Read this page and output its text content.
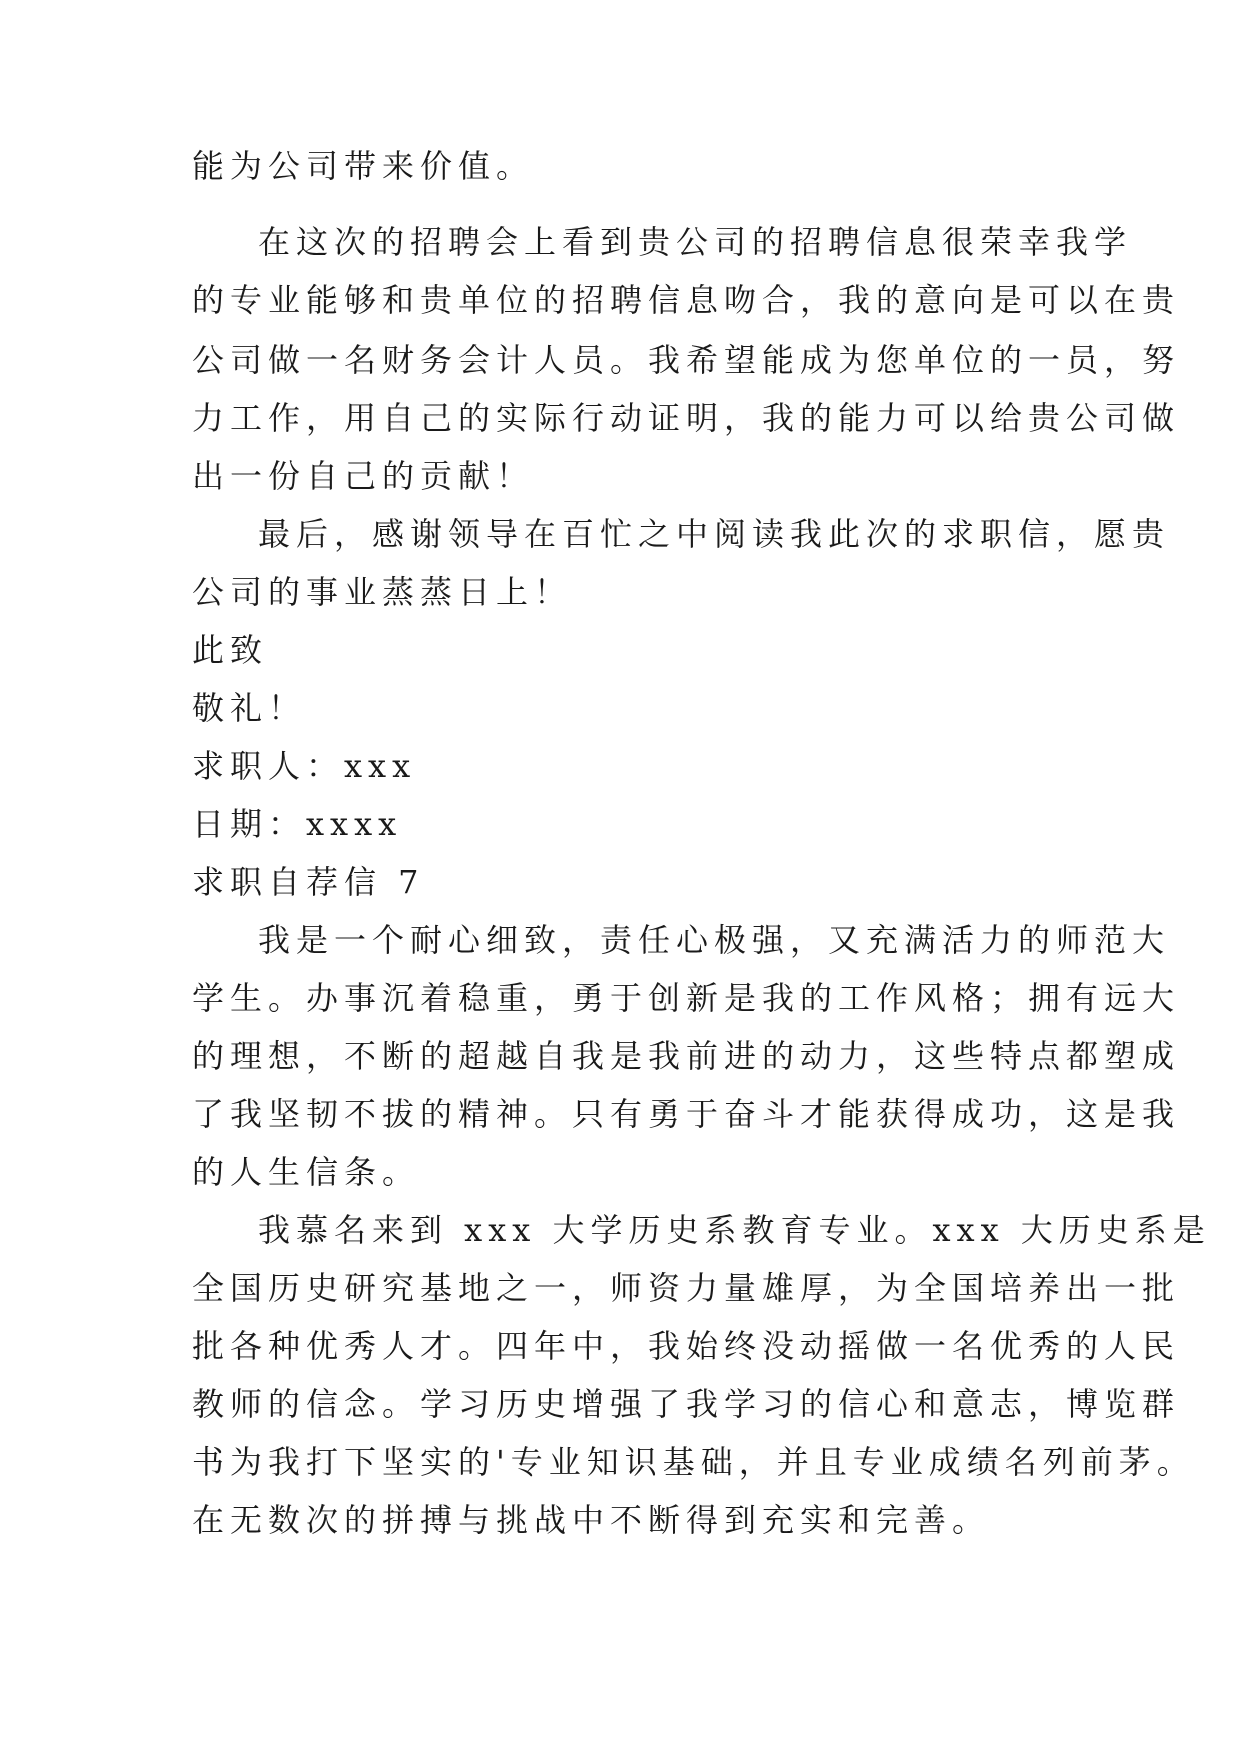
能为公司带来价值。

在这次的招聘会上看到贵公司的招聘信息很荣幸我学

的专业能够和贵单位的招聘信息吻合，我的意向是可以在贵

公司做一名财务会计人员。我希望能成为您单位的一员，努

力工作，用自己的实际行动证明，我的能力可以给贵公司做

出一份自己的贡献！

最后，感谢领导在百忙之中阅读我此次的求职信，愿贵

公司的事业蒸蒸日上！

此致

敬礼！

求职人：xxx

日期：xxxx

求职自荐信 7

我是一个耐心细致，责任心极强，又充满活力的师范大

学生。办事沉着稳重，勇于创新是我的工作风格；拥有远大

的理想，不断的超越自我是我前进的动力，这些特点都塑成

了我坚韧不拔的精神。只有勇于奋斗才能获得成功，这是我

的人生信条。

我慕名来到 xxx 大学历史系教育专业。xxx 大历史系是

全国历史研究基地之一，师资力量雄厚，为全国培养出一批

批各种优秀人才。四年中，我始终没动摇做一名优秀的人民

教师的信念。学习历史增强了我学习的信心和意志，博览群

书为我打下坚实的'专业知识基础，并且专业成绩名列前茅。

在无数次的拼搏与挑战中不断得到充实和完善。
